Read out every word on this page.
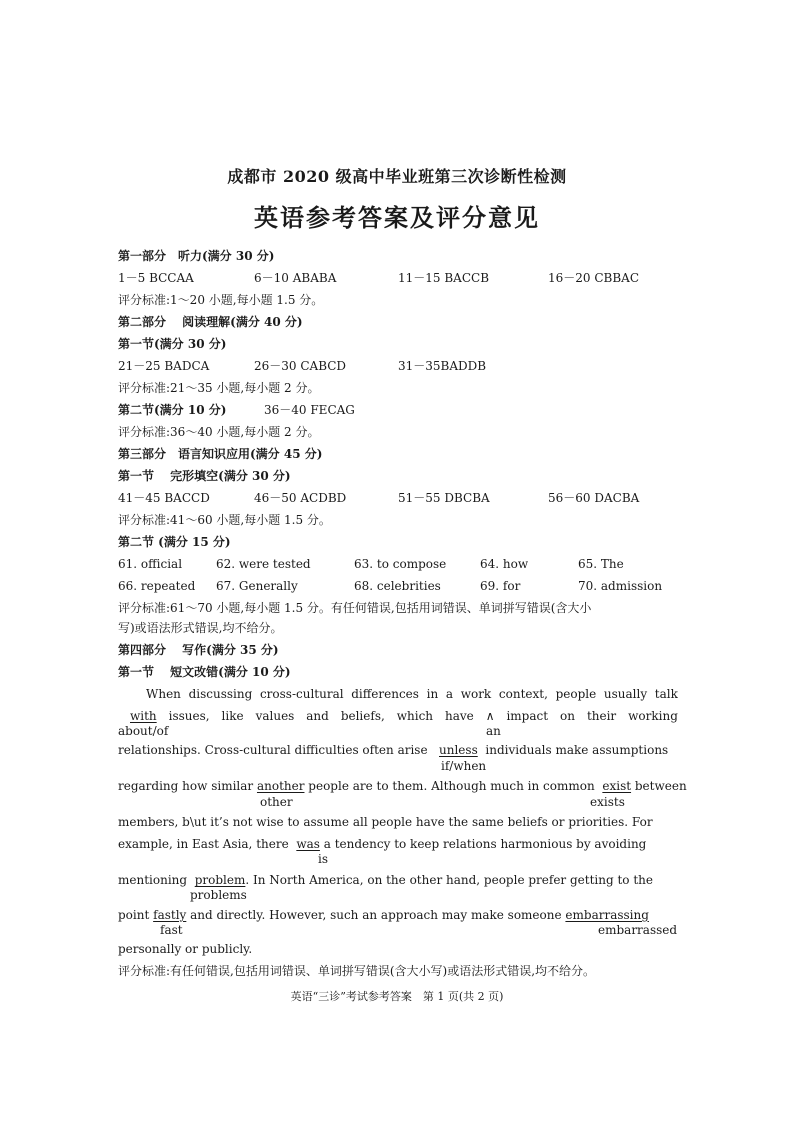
成都市 2020 级高中毕业班第三次诊断性检测
英语参考答案及评分意见
第一部分　听力(满分 30 分)
1－5 BCCAA	6－10 ABABA	11－15 BACCB	16－20 CBBAC
评分标准:1～20 小题,每小题 1.5 分。
第二部分　 阅读理解(满分 40 分)
第一节(满分 30 分)
21－25 BADCA	26－30 CABCD	31－35BADDB
评分标准:21～35 小题,每小题 2 分。
第二节(满分 10 分)	36－40 FECAG
评分标准:36～40 小题,每小题 2 分。
第三部分　语言知识应用(满分 45 分)
第一节　 完形填空(满分 30 分)
41－45 BACCD	46－50 ACDBD	51－55 DBCBA	56－60 DACBA
评分标准:41～60 小题,每小题 1.5 分。
第二节 (满分 15 分)
61. official	62. were tested	63. to compose	64. how	65. The
66. repeated 67. Generally	68. celebrities	69. for	70. admission
评分标准:61～70 小题,每小题 1.5 分。有任何错误,包括用词错误、单词拼写错误(含大小
写)或语法形式错误,均不给分。
第四部分　 写作(满分 35 分)
第一节　 短文改错(满分 10 分)
When discussing cross-cultural differences in a work context, people usually talk
with issues, like values and beliefs, which have ∧ impact on their working
about/of	an
relationships. Cross-cultural difficulties often arise unless individuals make assumptions
if/when
regarding how similar another people are to them. Although much in common exist between
other	exists
members, b\ut it’s not wise to assume all people have the same beliefs or priorities. For
example, in East Asia, there was a tendency to keep relations harmonious by avoiding
is
mentioning problem. In North America, on the other hand, people prefer getting to the
problems
point fastly and directly. However, such an approach may make someone embarrassing
fast	embarrassed
personally or publicly.
评分标准:有任何错误,包括用词错误、单词拼写错误(含大小写)或语法形式错误,均不给分。
英语“三诊”考试参考答案　第 1 页(共 2 页)
